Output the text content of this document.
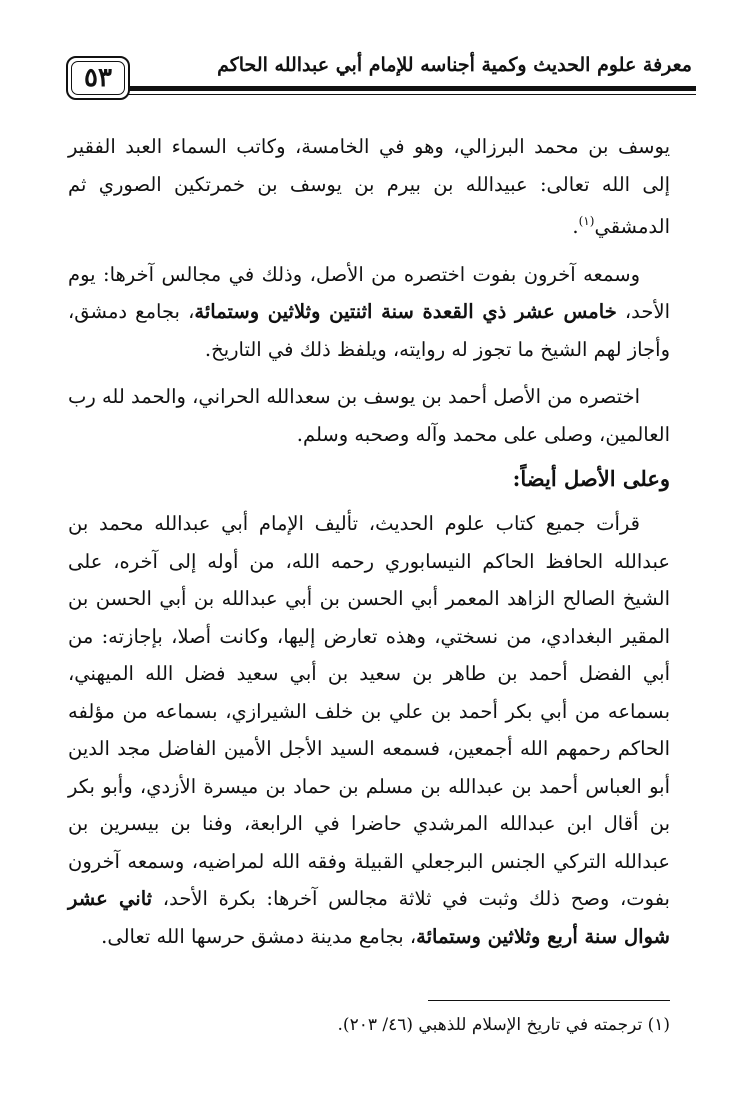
٥٣	معرفة علوم الحديث وكمية أجناسه للإمام أبي عبدالله الحاكم

يوسف بن محمد البرزالي، وهو في الخامسة، وكاتب السماء العبد الفقير إلى الله تعالى: عبيدالله بن بيرم بن يوسف بن خمرتكين الصوري ثم الدمشقي$^{(١)}$.

وسمعه آخرون بفوت اختصره من الأصل، وذلك في مجالس آخرها: يوم الأحد، خامس عشر ذي القعدة سنة اثنتين وثلاثين وستمائة، بجامع دمشق، وأجاز لهم الشيخ ما تجوز له روايته، ويلفظ ذلك في التاريخ.

اختصره من الأصل أحمد بن يوسف بن سعدالله الحراني، والحمد لله رب العالمين، وصلى على محمد وآله وصحبه وسلم.

وعلى الأصل أيضاً:

قرأت جميع كتاب علوم الحديث، تأليف الإمام أبي عبدالله محمد بن عبدالله الحافظ الحاكم النيسابوري رحمه الله، من أوله إلى آخره، على الشيخ الصالح الزاهد المعمر أبي الحسن بن أبي عبدالله بن أبي الحسن بن المقير البغدادي، من نسختي، وهذه تعارض إليها، وكانت أصلا، بإجازته: من أبي الفضل أحمد بن طاهر بن سعيد بن أبي سعيد فضل الله الميهني، بسماعه من أبي بكر أحمد بن علي بن خلف الشيرازي، بسماعه من مؤلفه الحاكم رحمهم الله أجمعين، فسمعه السيد الأجل الأمين الفاضل مجد الدين أبو العباس أحمد بن عبدالله بن مسلم بن حماد بن ميسرة الأزدي، وأبو بكر بن أقال ابن عبدالله المرشدي حاضرا في الرابعة، وفنا بن بيسرين بن عبدالله التركي الجنس البرجعلي القبيلة وفقه الله لمراضيه، وسمعه آخرون بفوت، وصح ذلك وثبت في ثلاثة مجالس آخرها: بكرة الأحد، ثاني عشر شوال سنة أربع وثلاثين وستمائة، بجامع مدينة دمشق حرسها الله تعالى.

(١) ترجمته في تاريخ الإسلام للذهبي (٤٦/ ٢٠٣).
